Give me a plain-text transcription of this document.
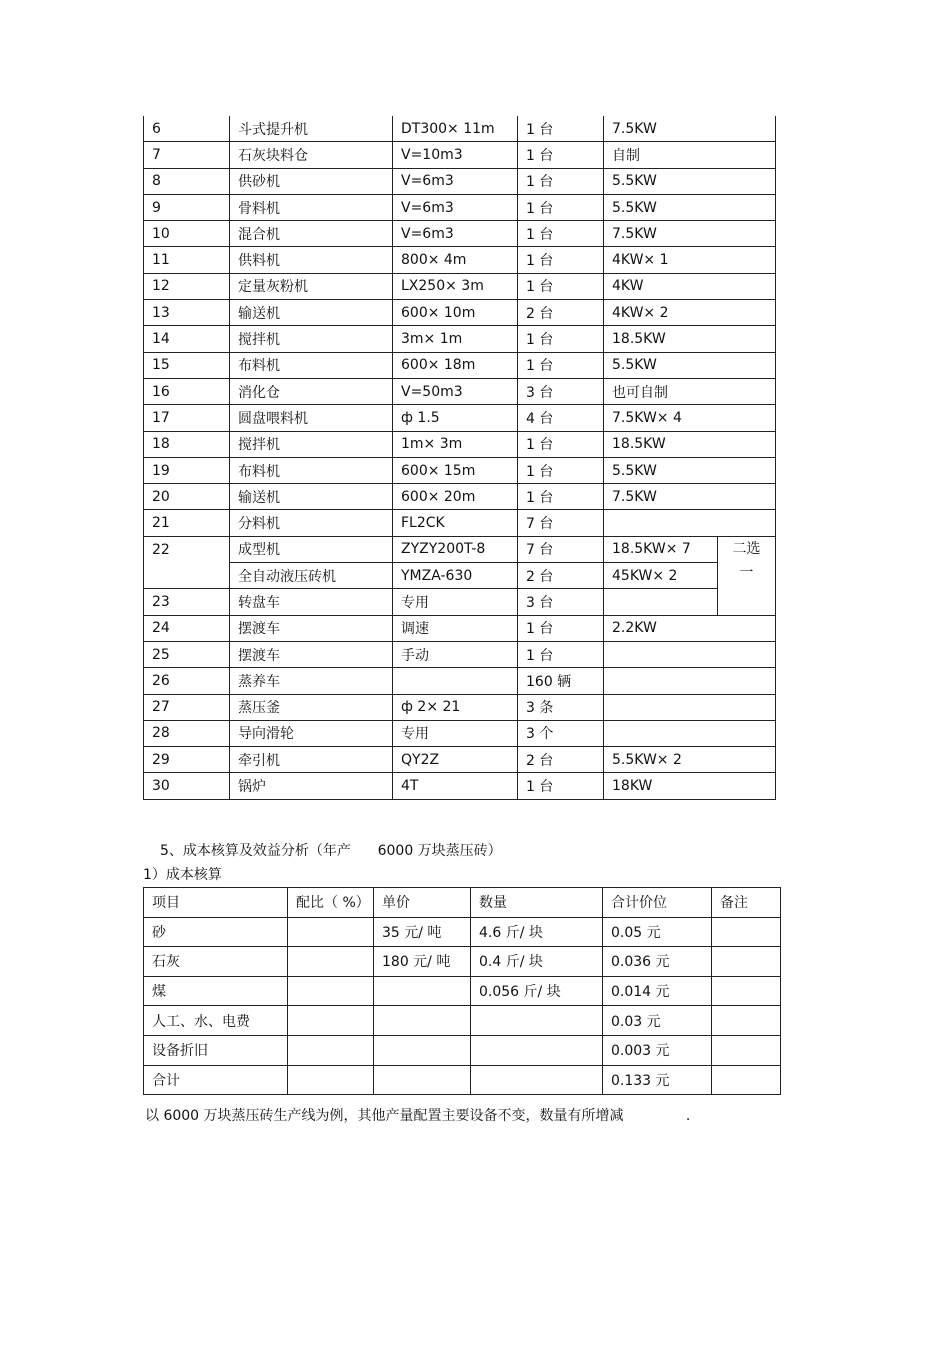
6	斗式提升机	DT300× 11m	1 台	7.5KW	
7	石灰块料仓	V=10m3	1 台	自制	
8	供砂机	V=6m3	1 台	5.5KW	
9	骨料机	V=6m3	1 台	5.5KW	
10	混合机	V=6m3	1 台	7.5KW	
11	供料机	800× 4m	1 台	4KW× 1	
12	定量灰粉机	LX250× 3m	1 台	4KW	
13	输送机	600× 10m	2 台	4KW× 2	
14	搅拌机	3m× 1m	1 台	18.5KW	
15	布料机	600× 18m	1 台	5.5KW	
16	消化仓	V=50m3	3 台	也可自制	
17	圆盘喂料机	ф 1.5	4 台	7.5KW× 4	
18	搅拌机	1m× 3m	1 台	18.5KW	
19	布料机	600× 15m	1 台	5.5KW	
20	输送机	600× 20m	1 台	7.5KW	
21	分料机	FL2CK	7 台		
22	成型机	ZYZY200T-8	7 台	18.5KW× 7	二选
一

	全自动液压砖机	YMZA-630	2 台	45KW× 2	
23	转盘车	专用	3 台		
24	摆渡车	调速	1 台	2.2KW	
25	摆渡车	手动	1 台		
26	蒸养车		160 辆		
27	蒸压釜	ф 2× 21	3 条		
28	导向滑轮	专用	3 个		
29	牵引机	QY2Z	2 台	5.5KW× 2	
30	锅炉	4T	1 台	18KW	
5、成本核算及效益分析（年产      6000 万块蒸压砖）
1）成本核算
项目	配比（ %）	单价	数量	合计价位	备注
砂		35 元/ 吨	4.6 斤/ 块	0.05 元	
石灰		180 元/ 吨	0.4 斤/ 块	0.036 元	
煤			0.056 斤/ 块	0.014 元	
人工、水、电费				0.03 元	
设备折旧				0.003 元	
合计				0.133 元	
以 6000 万块蒸压砖生产线为例，其他产量配置主要设备不变，数量有所增减              .
